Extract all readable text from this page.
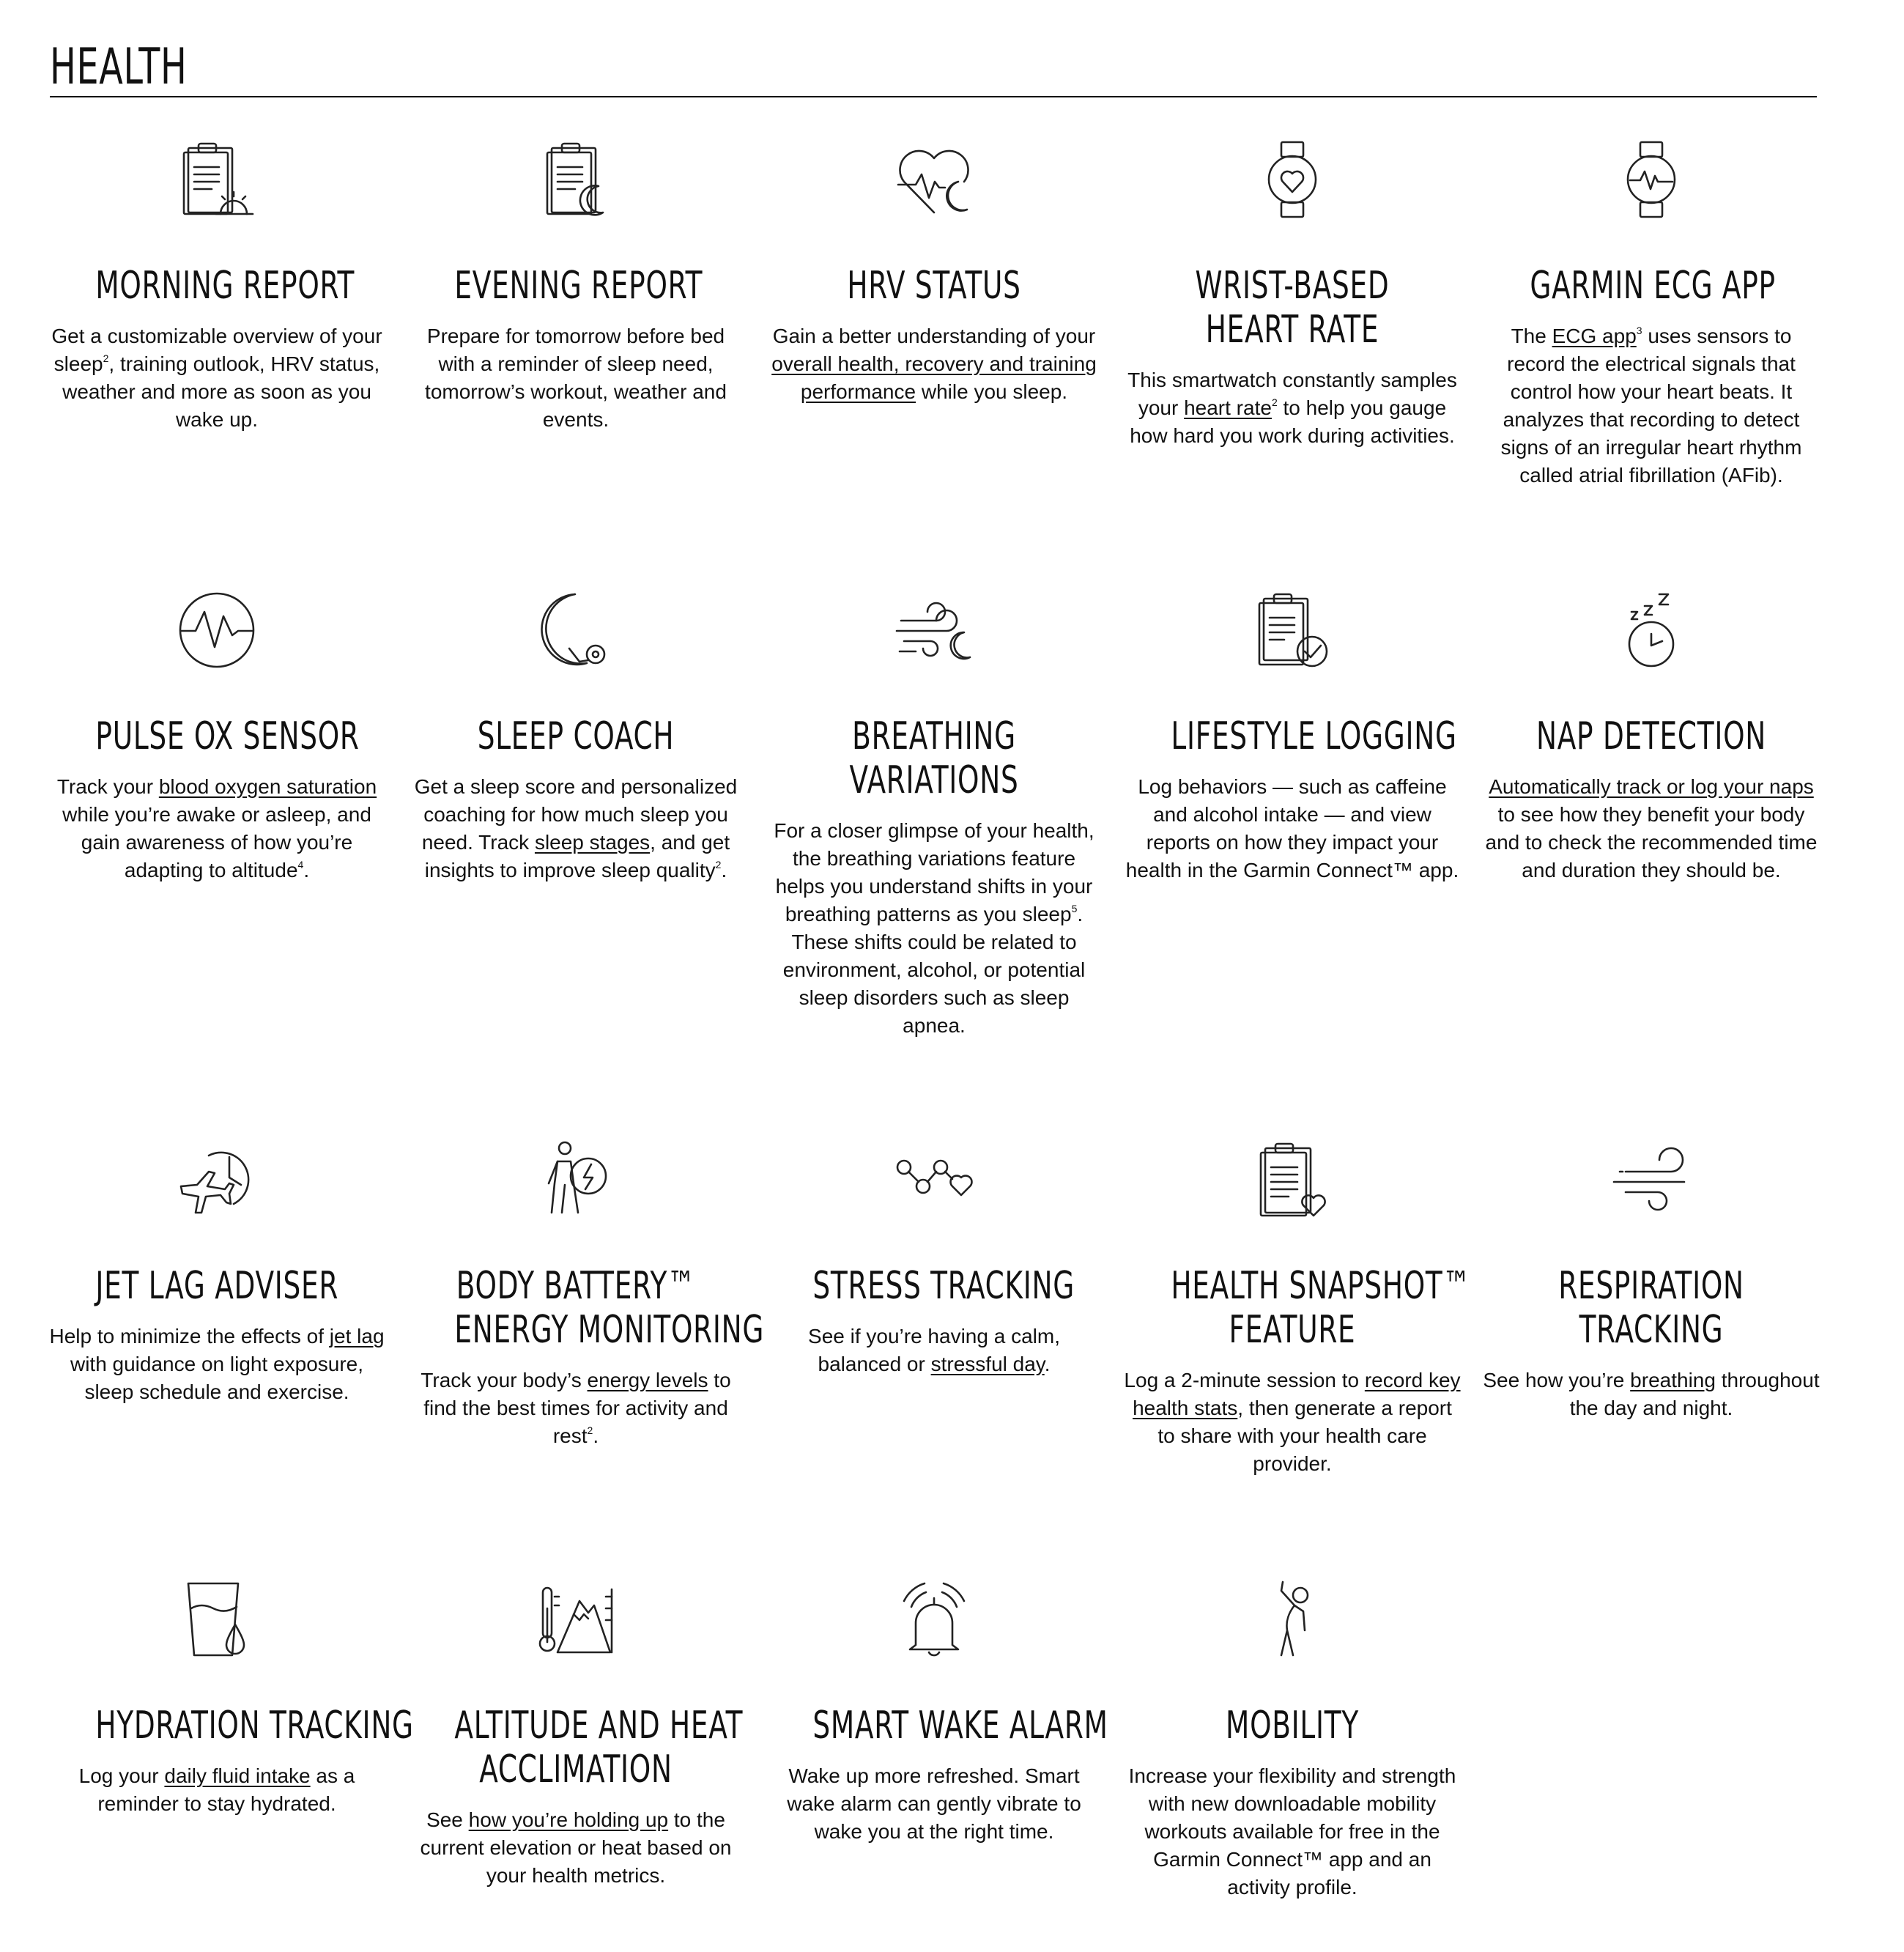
HEALTH
MORNING REPORT

Get a customizable overview of your sleep$^2$, training outlook, HRV status, weather and more as soon as you wake up.

EVENING REPORT

Prepare for tomorrow before bed with a reminder of sleep need, tomorrow’s workout, weather and events.

HRV STATUS

Gain a better understanding of your overall health, recovery and training performance while you sleep.

WRIST-BASED
HEART RATE

This smartwatch constantly samples your heart rate$^2$ to help you gauge how hard you work during activities.

GARMIN ECG APP

The ECG app$^3$ uses sensors to record the electrical signals that control how your heart beats. It analyzes that recording to detect signs of an irregular heart rhythm called atrial fibrillation (AFib).

PULSE OX SENSOR

Track your blood oxygen saturation while you’re awake or asleep, and gain awareness of how you’re adapting to altitude$^4$.

SLEEP COACH

Get a sleep score and personalized coaching for how much sleep you need. Track sleep stages, and get insights to improve sleep quality$^2$.

BREATHING
VARIATIONS

For a closer glimpse of your health, the breathing variations feature helps you understand shifts in your breathing patterns as you sleep$^5$. These shifts could be related to environment, alcohol, or potential sleep disorders such as sleep apnea.

LIFESTYLE LOGGING

Log behaviors — such as caffeine and alcohol intake — and view reports on how they impact your health in the Garmin Connect™ app.

NAP DETECTION

Automatically track or log your naps to see how they benefit your body and to check the recommended time and duration they should be.

JET LAG ADVISER

Help to minimize the effects of jet lag with guidance on light exposure, sleep schedule and exercise.

BODY BATTERY™
ENERGY MONITORING

Track your body’s energy levels to find the best times for activity and rest$^2$.

STRESS TRACKING

See if you’re having a calm, balanced or stressful day.

HEALTH SNAPSHOT™
FEATURE

Log a 2-minute session to record key health stats, then generate a report to share with your health care provider.

RESPIRATION
TRACKING

See how you’re breathing throughout the day and night.

HYDRATION TRACKING

Log your daily fluid intake as a reminder to stay hydrated.

ALTITUDE AND HEAT
ACCLIMATION

See how you’re holding up to the current elevation or heat based on your health metrics.

SMART WAKE ALARM

Wake up more refreshed. Smart wake alarm can gently vibrate to wake you at the right time.

MOBILITY

Increase your flexibility and strength with new downloadable mobility workouts available for free in the Garmin Connect™ app and an activity profile.
